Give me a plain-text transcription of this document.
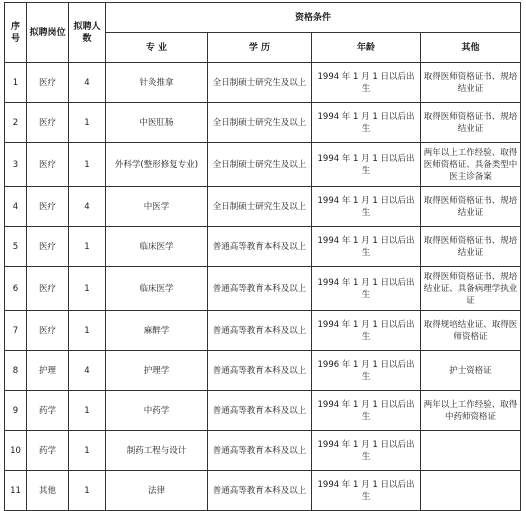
序号	拟聘岗位	拟聘人数	资格条件			
			专 业	学 历	年龄	其他
1	医疗	4	针灸推拿	全日制硕士研究生及以上	1994 年 1 月 1 日以后出生	取得医师资格证书、规培结业证
2	医疗	1	中医肛肠	全日制硕士研究生及以上	1994 年 1 月 1 日以后出生	取得医师资格证书、规培结业证
3	医疗	1	外科学(整形修复专业)	全日制硕士研究生及以上	1994 年 1 月 1 日以后出生	两年以上工作经验、取得医师资格证、具备类型中医主诊备案
4	医疗	4	中医学	全日制硕士研究生及以上	1994 年 1 月 1 日以后出生	取得医师资格证书、规培结业证
5	医疗	1	临床医学	普通高等教育本科及以上	1994 年 1 月 1 日以后出生	取得医师资格证书、规培结业证
6	医疗	1	临床医学	普通高等教育本科及以上	1994 年 1 月 1 日以后出生	取得医师资格证书、规培结业证、具备病理学执业证
7	医疗	1	麻醉学	普通高等教育本科及以上	1994 年 1 月 1 日以后出生	取得规培结业证、取得医师资格证
8	护理	4	护理学	普通高等教育本科及以上	1996 年 1 月 1 日以后出生	护士资格证
9	药学	1	中药学	普通高等教育本科及以上	1994 年 1 月 1 日以后出生	两年以上工作经验、取得中药师资格证
10	药学	1	制药工程与设计	普通高等教育本科及以上	1994 年 1 月 1 日以后出生	
11	其他	1	法律	普通高等教育本科及以上	1994 年 1 月 1 日以后出生	
